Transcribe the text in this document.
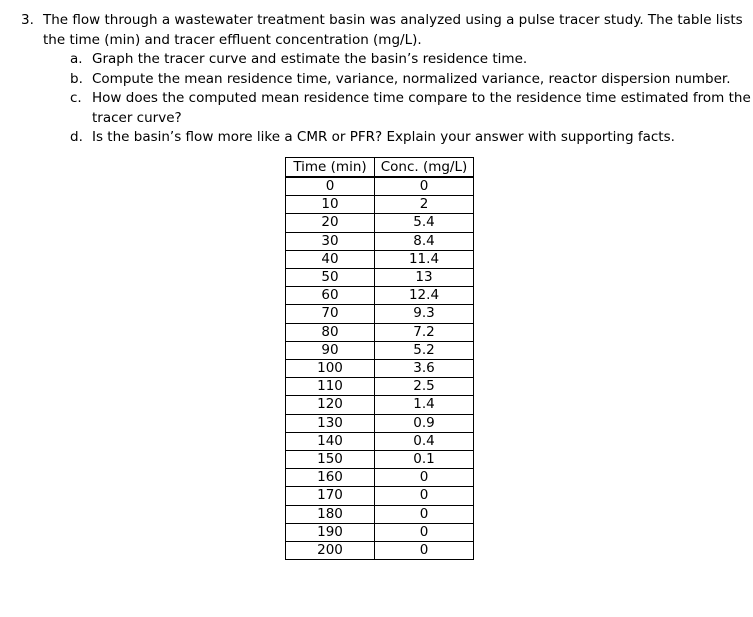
3. The flow through a wastewater treatment basin was analyzed using a pulse tracer study. The table lists
the time (min) and tracer effluent concentration (mg/L).
a. Graph the tracer curve and estimate the basin’s residence time.
b. Compute the mean residence time, variance, normalized variance, reactor dispersion number.
c. How does the computed mean residence time compare to the residence time estimated from the
tracer curve?
d. Is the basin’s flow more like a CMR or PFR? Explain your answer with supporting facts.
Time (min)	Conc. (mg/L)
0	0
10	2
20	5.4
30	8.4
40	11.4
50	13
60	12.4
70	9.3
80	7.2
90	5.2
100	3.6
110	2.5
120	1.4
130	0.9
140	0.4
150	0.1
160	0
170	0
180	0
190	0
200	0
